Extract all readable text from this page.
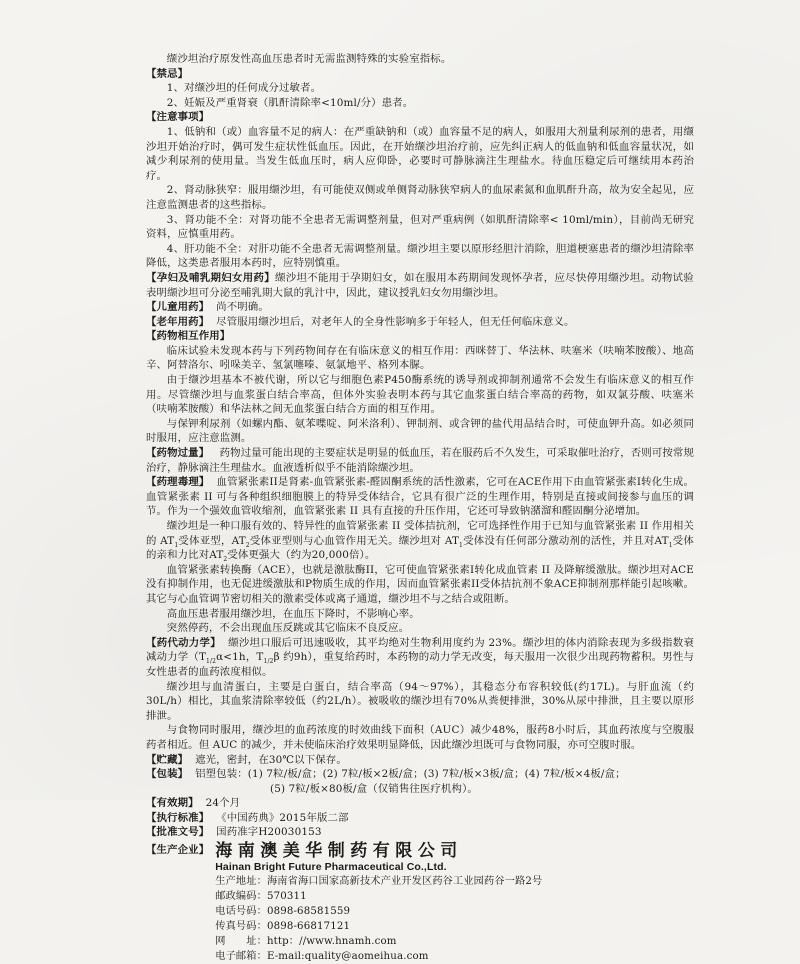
缬沙坦治疗原发性高血压患者时无需监测特殊的实验室指标。

【禁忌】

1、对缬沙坦的任何成分过敏者。

2、妊娠及严重肾衰（肌酐清除率<10ml/分）患者。

【注意事项】

1、低钠和（或）血容量不足的病人：在严重缺钠和（或）血容量不足的病人，如服用大剂量利尿剂的患者，用缬沙坦开始治疗时，偶可发生症状性低血压。因此，在开始缬沙坦治疗前，应先纠正病人的低血钠和低血容量状况，如减少利尿剂的使用量。当发生低血压时，病人应仰卧，必要时可静脉滴注生理盐水。待血压稳定后可继续用本药治疗。

2、肾动脉狭窄：服用缬沙坦，有可能使双侧或单侧肾动脉狭窄病人的血尿素氮和血肌酐升高，故为安全起见，应注意监测患者的这些指标。

3、肾功能不全：对肾功能不全患者无需调整剂量，但对严重病例（如肌酐清除率< 10ml/min），目前尚无研究资料，应慎重用药。

4、肝功能不全：对肝功能不全患者无需调整剂量。缬沙坦主要以原形经胆汁消除，胆道梗塞患者的缬沙坦清除率降低，这类患者服用本药时，应特别慎重。

【孕妇及哺乳期妇女用药】缬沙坦不能用于孕期妇女，如在服用本药期间发现怀孕者，应尽快停用缬沙坦。动物试验表明缬沙坦可分泌至哺乳期大鼠的乳汁中，因此，建议授乳妇女勿用缬沙坦。

【儿童用药】 尚不明确。

【老年用药】 尽管服用缬沙坦后，对老年人的全身性影响多于年轻人，但无任何临床意义。

【药物相互作用】

临床试验未发现本药与下列药物间存在有临床意义的相互作用：西咪替丁、华法林、呋塞米（呋喃苯胺酸）、地高辛、阿替洛尔、吲哚美辛、氢氯噻嗪、氨氯地平、格列本脲。

由于缬沙坦基本不被代谢，所以它与细胞色素P450酶系统的诱导剂或抑制剂通常不会发生有临床意义的相互作用。尽管缬沙坦与血浆蛋白结合率高，但体外实验表明本药与其它血浆蛋白结合率高的药物，如双氯芬酸、呋塞米（呋喃苯胺酸）和华法林之间无血浆蛋白结合方面的相互作用。

与保钾利尿剂（如螺内酯、氨苯喋啶、阿米洛利）、钾制剂、或含钾的盐代用品结合时，可使血钾升高。如必须同时服用，应注意监测。

【药物过量】 药物过量可能出现的主要症状是明显的低血压，若在服药后不久发生，可采取催吐治疗，否则可按常规治疗，静脉滴注生理盐水。血液透析似乎不能消除缬沙坦。

【药理毒理】 血管紧张素II是肾素-血管紧张素-醛固酮系统的活性激素，它可在ACE作用下由血管紧张素I转化生成。血管紧张素 II 可与各种组织细胞膜上的特异受体结合，它具有很广泛的生理作用，特别是直接或间接参与血压的调节。作为一个强效血管收缩剂，血管紧张素 II 具有直接的升压作用，它还可导致钠潴溜和醛固酮分泌增加。

缬沙坦是一种口服有效的、特异性的血管紧张素 II 受体拮抗剂，它可选择性作用于已知与血管紧张素 II 作用相关的 $AT_1$受体亚型，$AT_2$受体亚型则与心血管作用无关。缬沙坦对 $AT_1$受体没有任何部分激动剂的活性，并且对$AT_1$受体的亲和力比对$AT_2$受体更强大（约为20,000倍）。

血管紧张素转换酶（ACE），也就是激肽酶II，它可使血管紧张素I转化成血管素 II 及降解缓激肽。缬沙坦对ACE没有抑制作用，也无促进缓激肽和P物质生成的作用，因而血管紧张素II受体拮抗剂不象ACE抑制剂那样能引起咳嗽。其它与心血管调节密切相关的激素受体或离子通道，缬沙坦不与之结合或阻断。

高血压患者服用缬沙坦，在血压下降时，不影响心率。

突然停药，不会出现血压反跳或其它临床不良反应。

【药代动力学】 缬沙坦口服后可迅速吸收，其平均绝对生物利用度约为 23%。缬沙坦的体内消除表现为多级指数衰减动力学（$T_{1/2}\alpha<1h$，$T_{1/2}\beta$ 约9h），重复给药时，本药物的动力学无改变，每天服用一次很少出现药物蓄积。男性与女性患者的血药浓度相似。

缬沙坦与血清蛋白，主要是白蛋白，结合率高（94～97%），其稳态分布容积较低(约17L)。与肝血流（约30L/h）相比，其血浆清除率较低（约2L/h）。被吸收的缬沙坦有70%从粪便排泄，30%从尿中排泄，且主要以原形排泄。

与食物同时服用，缬沙坦的血药浓度的时效曲线下面积（AUC）减少48%，服药8小时后，其血药浓度与空腹服药者相近。但 AUC 的减少，并未使临床治疗效果明显降低，因此缬沙坦既可与食物同服，亦可空腹时服。

【贮藏】 遮光，密封，在30℃以下保存。

【包装】 铝塑包装：(1) 7粒/板/盒；(2) 7粒/板×2板/盒；(3) 7粒/板×3板/盒；(4) 7粒/板×4板/盒；

(5) 7粒/板×80板/盒（仅销售往医疗机构）。

【有效期】 24个月

【执行标准】 《中国药典》2015年版二部

【批准文号】 国药准字H20030153

【生产企业】 海南澳美华制药有限公司
Hainan Bright Future Pharmaceutical Co.,Ltd.
生产地址：海南省海口国家高新技术产业开发区药谷工业园药谷一路2号
邮政编码：570311
电话号码：0898-68581559
传真号码：0898-66817121
网　　址：http：//www.hnamh.com
电子邮箱：E-mail:quality@aomeihua.com
